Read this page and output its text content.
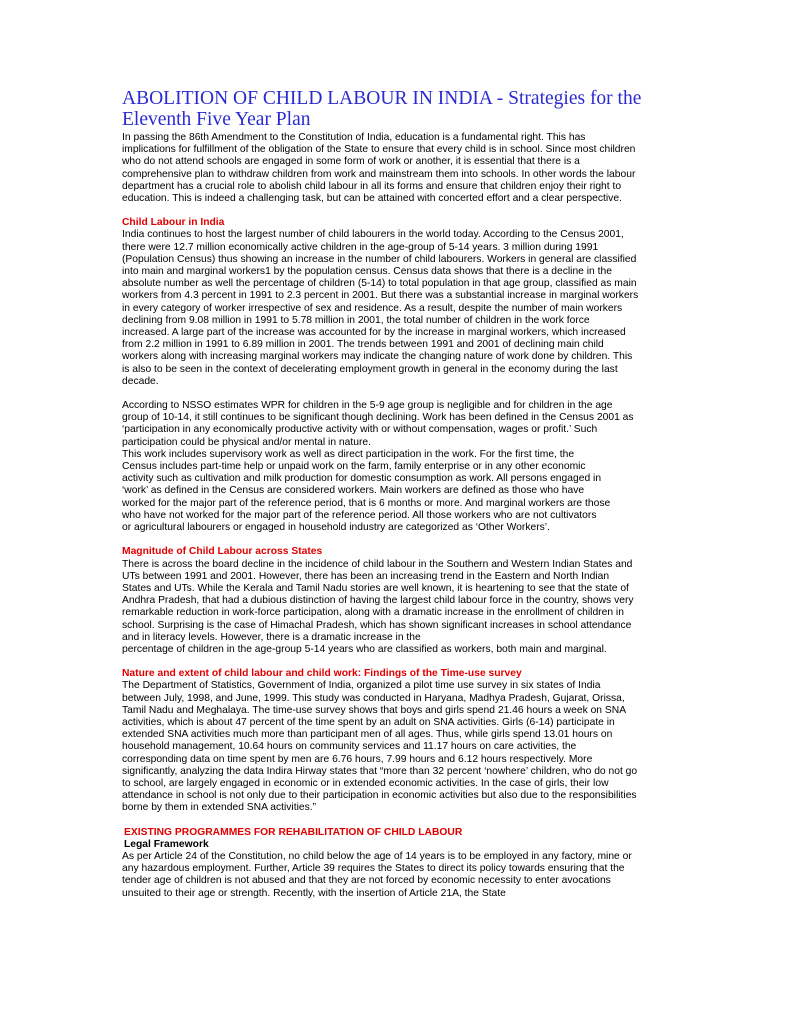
ABOLITION OF CHILD LABOUR IN INDIA - Strategies for the
Eleventh Five Year Plan
In passing the 86th Amendment to the Constitution of India, education is a fundamental right. This has
implications for fulfillment of the obligation of the State to ensure that every child is in school. Since most children
who do not attend schools are engaged in some form of work or another, it is essential that there is a
comprehensive plan to withdraw children from work and mainstream them into schools. In other words the labour
department has a crucial role to abolish child labour in all its forms and ensure that children enjoy their right to
education. This is indeed a challenging task, but can be attained with concerted effort and a clear perspective.
Child Labour in India
India continues to host the largest number of child labourers in the world today. According to the Census 2001,
there were 12.7 million economically active children in the age-group of 5-14 years. 3 million during 1991
(Population Census) thus showing an increase in the number of child labourers. Workers in general are classified
into main and marginal workers1 by the population census. Census data shows that there is a decline in the
absolute number as well the percentage of children (5-14) to total population in that age group, classified as main
workers from 4.3 percent in 1991 to 2.3 percent in 2001. But there was a substantial increase in marginal workers
in every category of worker irrespective of sex and residence. As a result, despite the number of main workers
declining from 9.08 million in 1991 to 5.78 million in 2001, the total number of children in the work force
increased. A large part of the increase was accounted for by the increase in marginal workers, which increased
from 2.2 million in 1991 to 6.89 million in 2001. The trends between 1991 and 2001 of declining main child
workers along with increasing marginal workers may indicate the changing nature of work done by children. This
is also to be seen in the context of decelerating employment growth in general in the economy during the last
decade.
According to NSSO estimates WPR for children in the 5-9 age group is negligible and for children in the age
group of 10-14, it still continues to be significant though declining. Work has been defined in the Census 2001 as
‘participation in any economically productive activity with or without compensation, wages or profit.’ Such
participation could be physical and/or mental in nature.
This work includes supervisory work as well as direct participation in the work. For the first time, the
Census includes part-time help or unpaid work on the farm, family enterprise or in any other economic
activity such as cultivation and milk production for domestic consumption as work. All persons engaged in
‘work’ as defined in the Census are considered workers. Main workers are defined as those who have
worked for the major part of the reference period, that is 6 months or more. And marginal workers are those
who have not worked for the major part of the reference period. All those workers who are not cultivators
or agricultural labourers or engaged in household industry are categorized as ‘Other Workers’.
Magnitude of Child Labour across States
There is across the board decline in the incidence of child labour in the Southern and Western Indian States and
UTs between 1991 and 2001. However, there has been an increasing trend in the Eastern and North Indian
States and UTs. While the Kerala and Tamil Nadu stories are well known, it is heartening to see that the state of
Andhra Pradesh, that had a dubious distinction of having the largest child labour force in the country, shows very
remarkable reduction in work-force participation, along with a dramatic increase in the enrollment of children in
school. Surprising is the case of Himachal Pradesh, which has shown significant increases in school attendance
and in literacy levels. However, there is a dramatic increase in the
percentage of children in the age-group 5-14 years who are classified as workers, both main and marginal.
Nature and extent of child labour and child work: Findings of the Time-use survey
The Department of Statistics, Government of India, organized a pilot time use survey in six states of India
between July, 1998, and June, 1999. This study was conducted in Haryana, Madhya Pradesh, Gujarat, Orissa,
Tamil Nadu and Meghalaya. The time-use survey shows that boys and girls spend 21.46 hours a week on SNA
activities, which is about 47 percent of the time spent by an adult on SNA activities. Girls (6-14) participate in
extended SNA activities much more than participant men of all ages. Thus, while girls spend 13.01 hours on
household management, 10.64 hours on community services and 11.17 hours on care activities, the
corresponding data on time spent by men are 6.76 hours, 7.99 hours and 6.12 hours respectively. More
significantly, analyzing the data Indira Hirway states that “more than 32 percent ‘nowhere’ children, who do not go
to school, are largely engaged in economic or in extended economic activities. In the case of girls, their low
attendance in school is not only due to their participation in economic activities but also due to the responsibilities
borne by them in extended SNA activities.”
EXISTING PROGRAMMES FOR REHABILITATION OF CHILD LABOUR
Legal Framework
As per Article 24 of the Constitution, no child below the age of 14 years is to be employed in any factory, mine or
any hazardous employment. Further, Article 39 requires the States to direct its policy towards ensuring that the
tender age of children is not abused and that they are not forced by economic necessity to enter avocations
unsuited to their age or strength. Recently, with the insertion of Article 21A, the State
